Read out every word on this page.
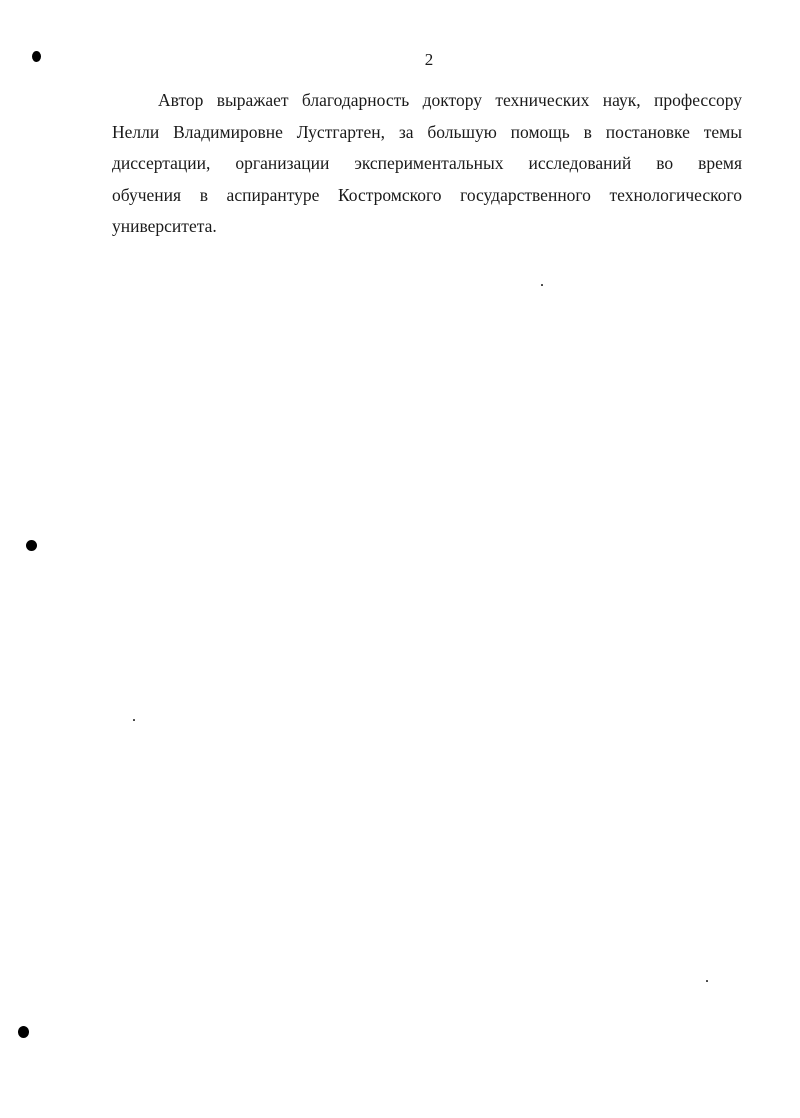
2
Автор выражает благодарность доктору технических наук, профессору
Нелли Владимировне Лустгартен, за большую помощь в постановке темы
диссертации, организации экспериментальных исследований во время
обучения в аспирантуре Костромского государственного технологического
университета.
